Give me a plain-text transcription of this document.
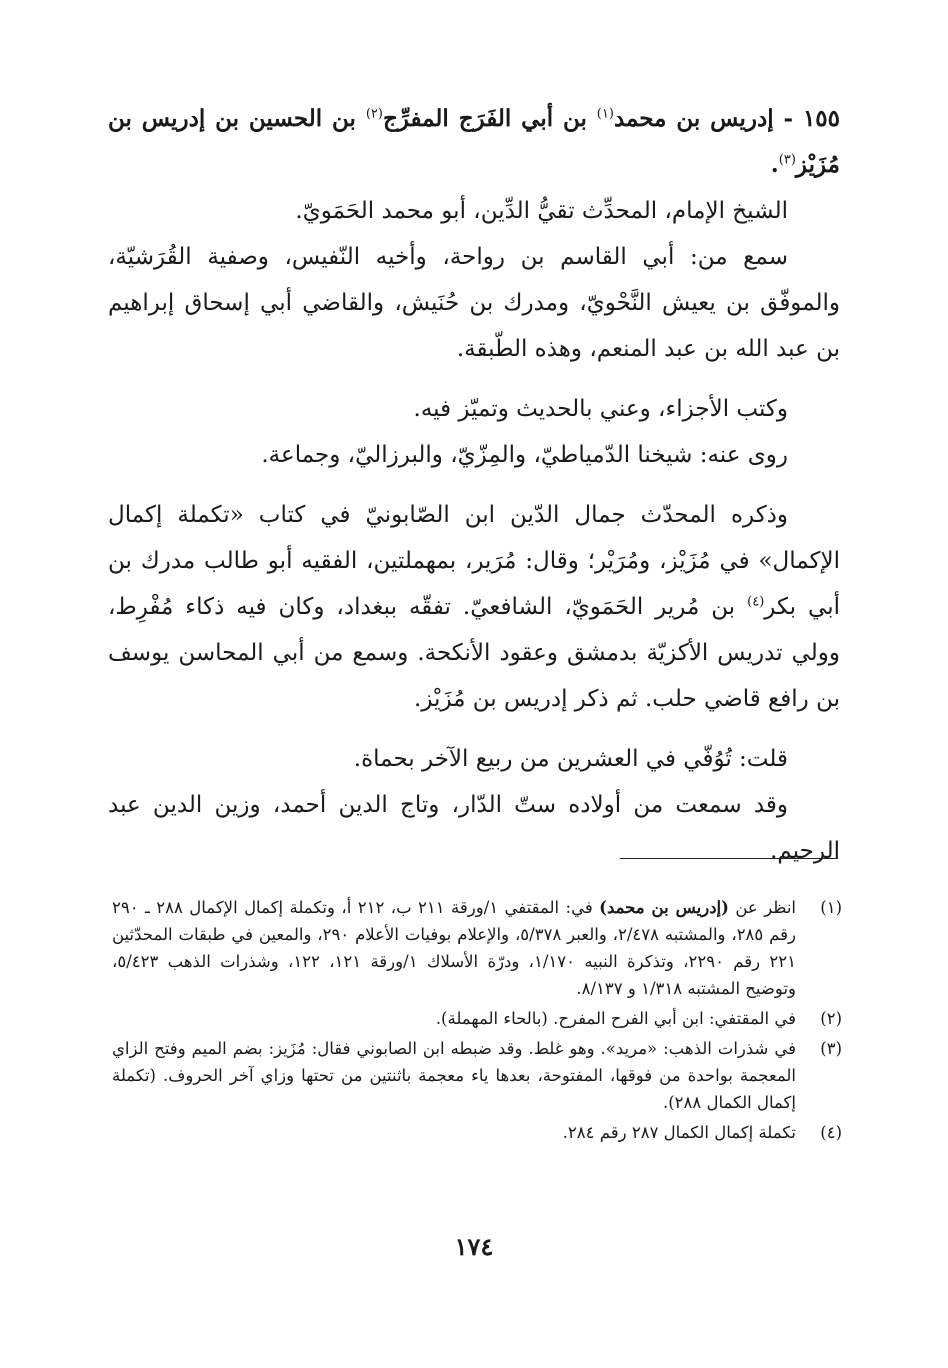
١٥٥ - إدريس بن محمد$^{(١)}$ بن أبي الفَرَج المفرِّج$^{(٢)}$ بن الحسين بن إدريس بن مُزَيْز$^{(٣)}$.

الشيخ الإمام، المحدِّث تقيُّ الدِّين، أبو محمد الحَمَويّ.

سمع من: أبي القاسم بن رواحة، وأخيه النّفيس، وصفية القُرَشيّة، والموفّق بن يعيش النَّحْويّ، ومدرك بن حُنَيش، والقاضي أبي إسحاق إبراهيم بن عبد الله بن عبد المنعم، وهذه الطّبقة.

وكتب الأجزاء، وعني بالحديث وتميّز فيه.

روى عنه: شيخنا الدّمياطيّ، والمِزّيّ، والبرزاليّ، وجماعة.

وذكره المحدّث جمال الدّين ابن الصّابونيّ في كتاب «تكملة إكمال الإكمال» في مُزَيْز، ومُرَيْر؛ وقال: مُرَير، بمهملتين، الفقيه أبو طالب مدرك بن أبي بكر$^{(٤)}$ بن مُرير الحَمَويّ، الشافعيّ. تفقّه ببغداد، وكان فيه ذكاء مُفْرِط، وولي تدريس الأكزيّة بدمشق وعقود الأنكحة. وسمع من أبي المحاسن يوسف بن رافع قاضي حلب. ثم ذكر إدريس بن مُزَيْز.

قلت: تُوُفّي في العشرين من ربيع الآخر بحماة.

وقد سمعت من أولاده ستّ الدّار، وتاج الدين أحمد، وزين الدين عبد الرحيم.

(١)
انظر عن (إدريس بن محمد) في: المقتفي ١/ورقة ٢١١ ب، ٢١٢ أ، وتكملة إكمال الإكمال ٢٨٨ ـ ٢٩٠ رقم ٢٨٥، والمشتبه ٢/٤٧٨، والعبر ٥/٣٧٨، والإعلام بوفيات الأعلام ٢٩٠، والمعين في طبقات المحدّثين ٢٢١ رقم ٢٢٩٠، وتذكرة النبيه ١/١٧٠، ودرّة الأسلاك ١/ورقة ١٢١، ١٢٢، وشذرات الذهب ٥/٤٢٣، وتوضيح المشتبه ١/٣١٨ و ٨/١٣٧.
(٢)
في المقتفي: ابن أبي الفرح المفرح. (بالحاء المهملة).
(٣)
في شذرات الذهب: «مريد». وهو غلط. وقد ضبطه ابن الصابوني فقال: مُزَيز: بضم الميم وفتح الزاي المعجمة بواحدة من فوقها، المفتوحة، بعدها ياء معجمة باثنتين من تحتها وزاي آخر الحروف. (تكملة إكمال الكمال ٢٨٨).
(٤)
تكملة إكمال الكمال ٢٨٧ رقم ٢٨٤.
١٧٤
